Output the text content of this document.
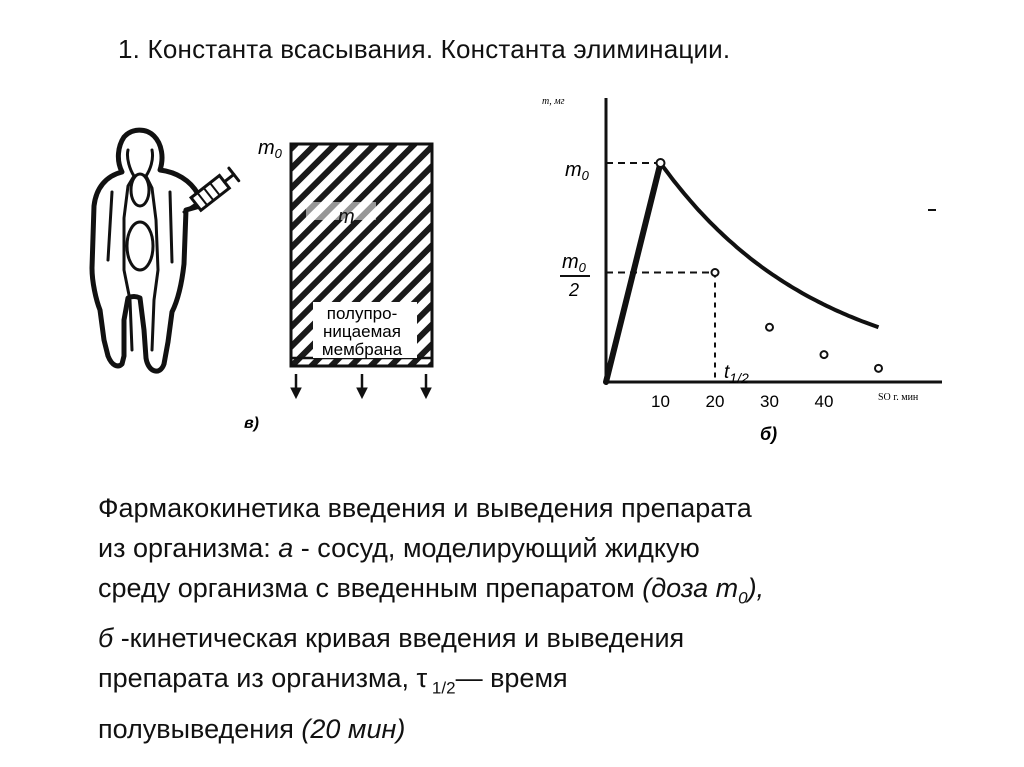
1. Константа всасывания. Константа элиминации.
полупро-
ницаемая
мембрана
m
$m_0$
в)
m, мг
SO г. мин
10 20 30 40
$m_0$
$m_0$
2
$t_{1/2}$
б)
Фармакокинетика введения и выведения препарата
из организма: а - сосуд, моделирующий жидкую
среду организма с введенным препаратом (доза $m_0$),
б -кинетическая кривая введения и выведения
препарата из организма, τ $_{1/2}$— время
полувыведения (20 мин)
